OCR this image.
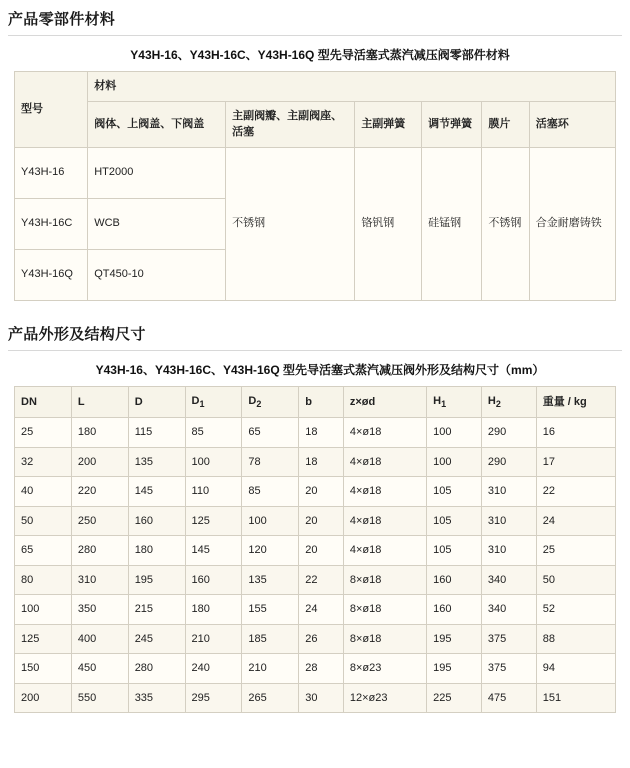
产品零部件材料
Y43H-16、Y43H-16C、Y43H-16Q 型先导活塞式蒸汽减压阀零部件材料
型号	材料					
	阀体、上阀盖、下阀盖	主副阀瓣、主副阀座、活塞	主副弹簧	调节弹簧	膜片	活塞环
Y43H-16	HT2000	不锈钢	铬钒钢	硅锰钢	不锈钢	合金耐磨铸铁
Y43H-16C	WCB					
Y43H-16Q	QT450-10					
产品外形及结构尺寸
Y43H-16、Y43H-16C、Y43H-16Q 型先导活塞式蒸汽减压阀外形及结构尺寸（mm）
DN	L	D	$D_1$	$D_2$	b	z×ød	$H_1$	$H_2$	重量 / kg
25	180	115	85	65	18	4×ø18	100	290	16
32	200	135	100	78	18	4×ø18	100	290	17
40	220	145	110	85	20	4×ø18	105	310	22
50	250	160	125	100	20	4×ø18	105	310	24
65	280	180	145	120	20	4×ø18	105	310	25
80	310	195	160	135	22	8×ø18	160	340	50
100	350	215	180	155	24	8×ø18	160	340	52
125	400	245	210	185	26	8×ø18	195	375	88
150	450	280	240	210	28	8×ø23	195	375	94
200	550	335	295	265	30	12×ø23	225	475	151
